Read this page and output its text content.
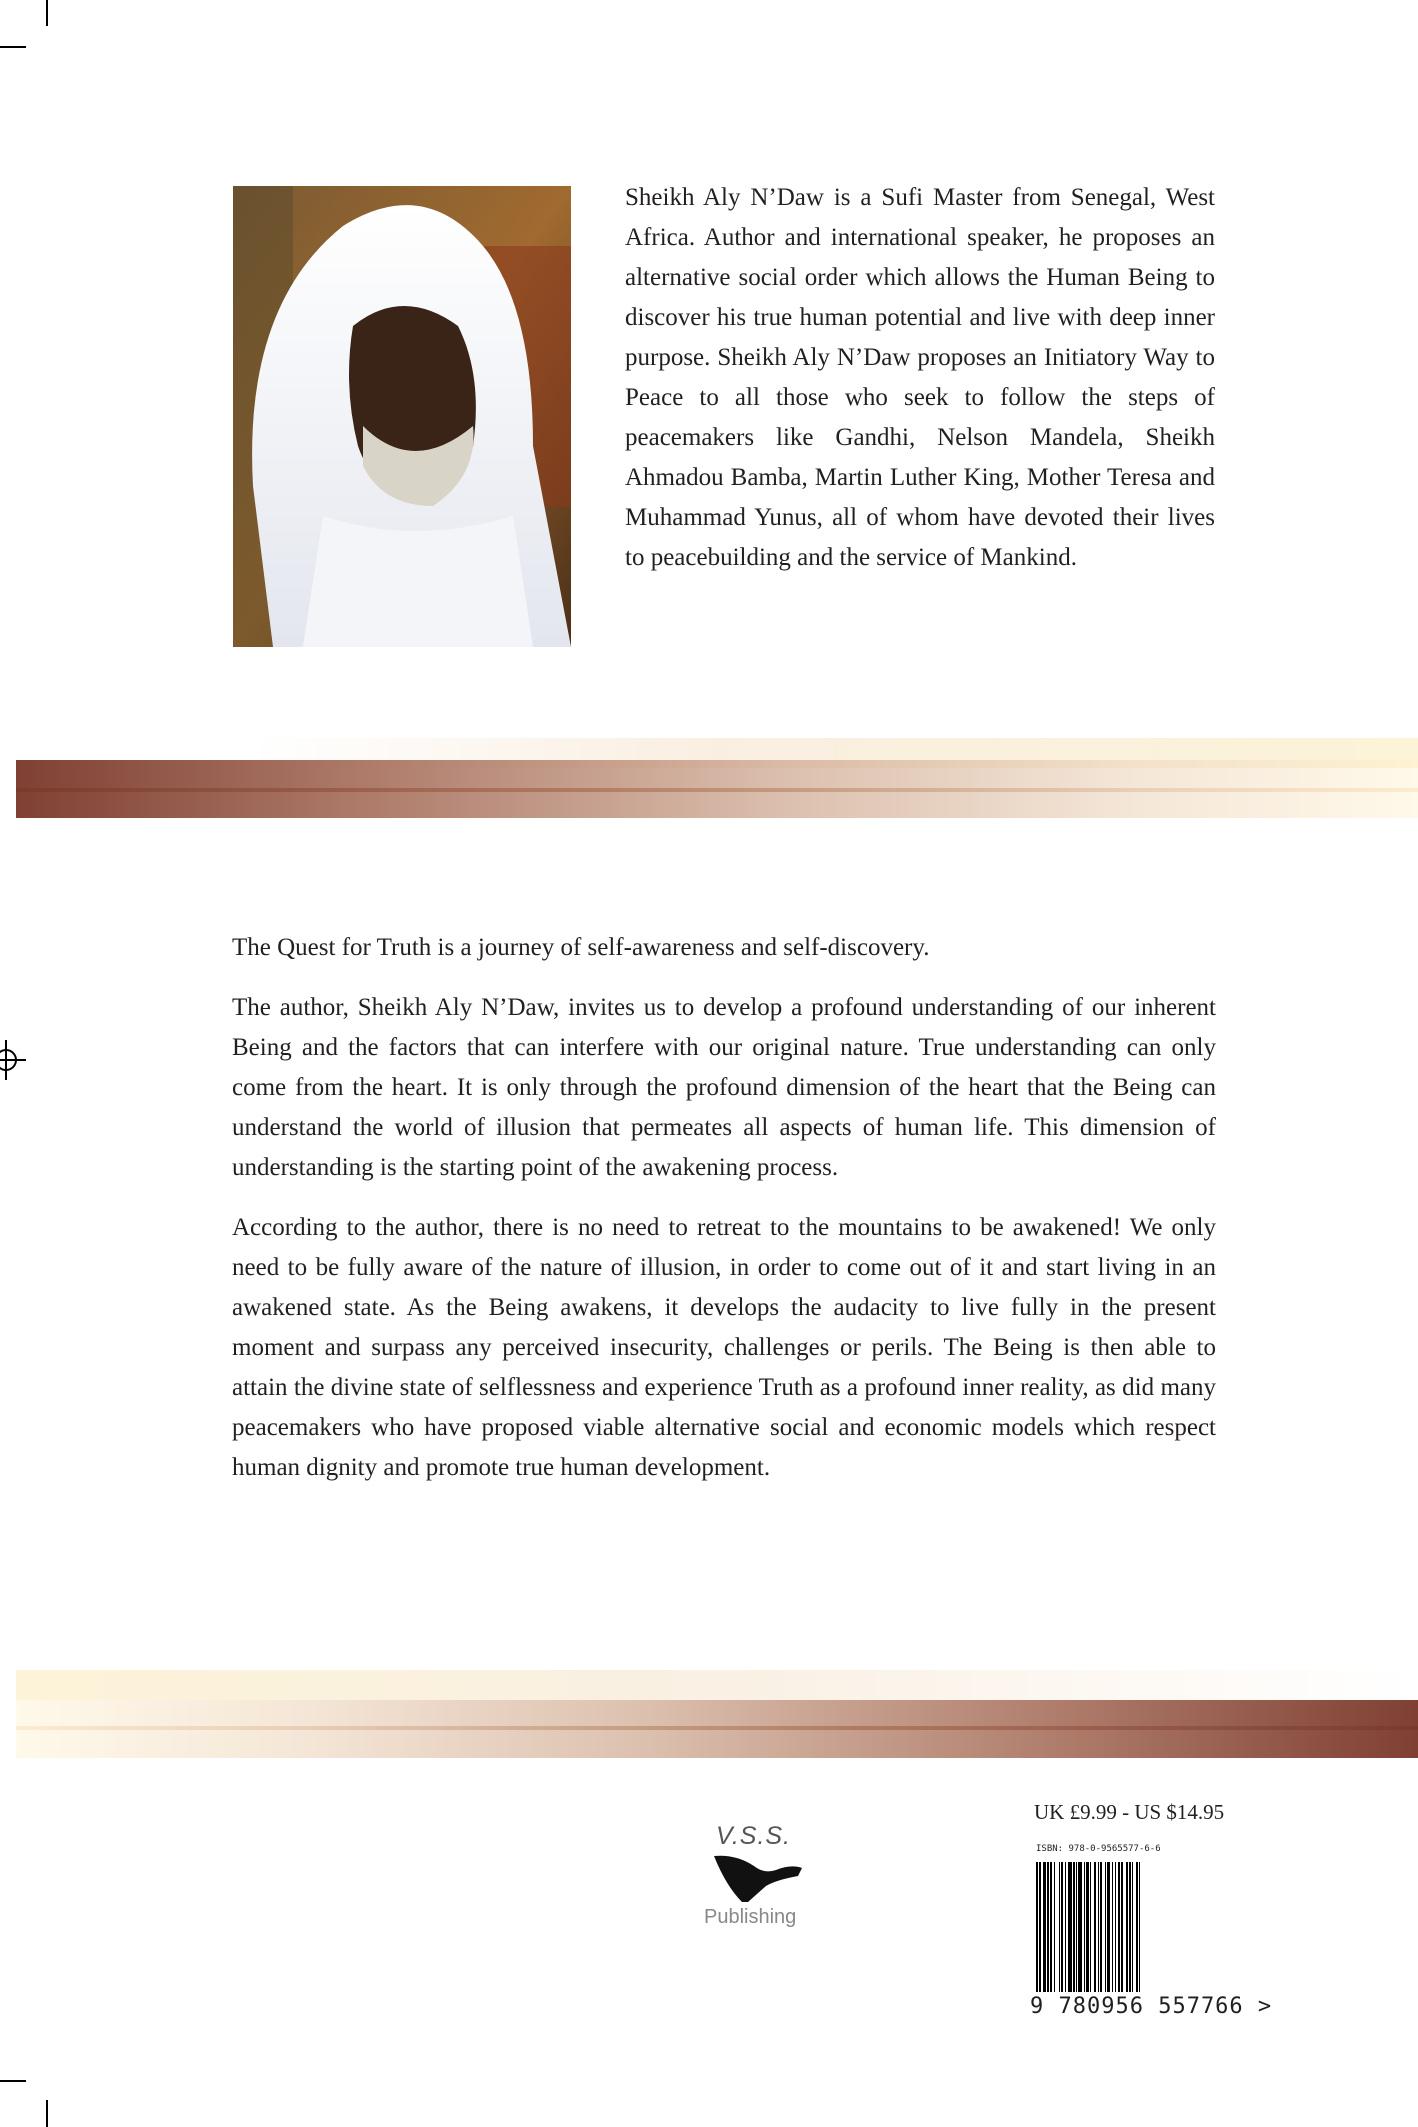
Sheikh Aly N’Daw is a Sufi Master from Senegal, West Africa. Author and international speaker, he proposes an alternative social order which allows the Human Being to discover his true human potential and live with deep inner purpose. Sheikh Aly N’Daw proposes an Initiatory Way to Peace to all those who seek to follow the steps of peacemakers like Gandhi, Nelson Mandela, Sheikh Ahmadou Bamba, Martin Luther King, Mother Teresa and Muhammad Yunus, all of whom have devoted their lives to peacebuilding and the service of Mankind.

The Quest for Truth is a journey of self-awareness and self-discovery.

The author, Sheikh Aly N’Daw, invites us to develop a profound understanding of our inherent Being and the factors that can interfere with our original nature. True understanding can only come from the heart. It is only through the profound dimension of the heart that the Being can understand the world of illusion that permeates all aspects of human life. This dimension of understanding is the starting point of the awakening process.

According to the author, there is no need to retreat to the mountains to be awakened! We only need to be fully aware of the nature of illusion, in order to come out of it and start living in an awakened state. As the Being awakens, it develops the audacity to live fully in the present moment and surpass any perceived insecurity, challenges or perils. The Being is then able to attain the divine state of selflessness and experience Truth as a profound inner reality, as did many peacemakers who have proposed viable alternative social and economic models which respect human dignity and promote true human development.

V.S.S.
Publishing
UK £9.99 - US $14.95
ISBN: 978-0-9565577-6-6
9 780956 557766 >
